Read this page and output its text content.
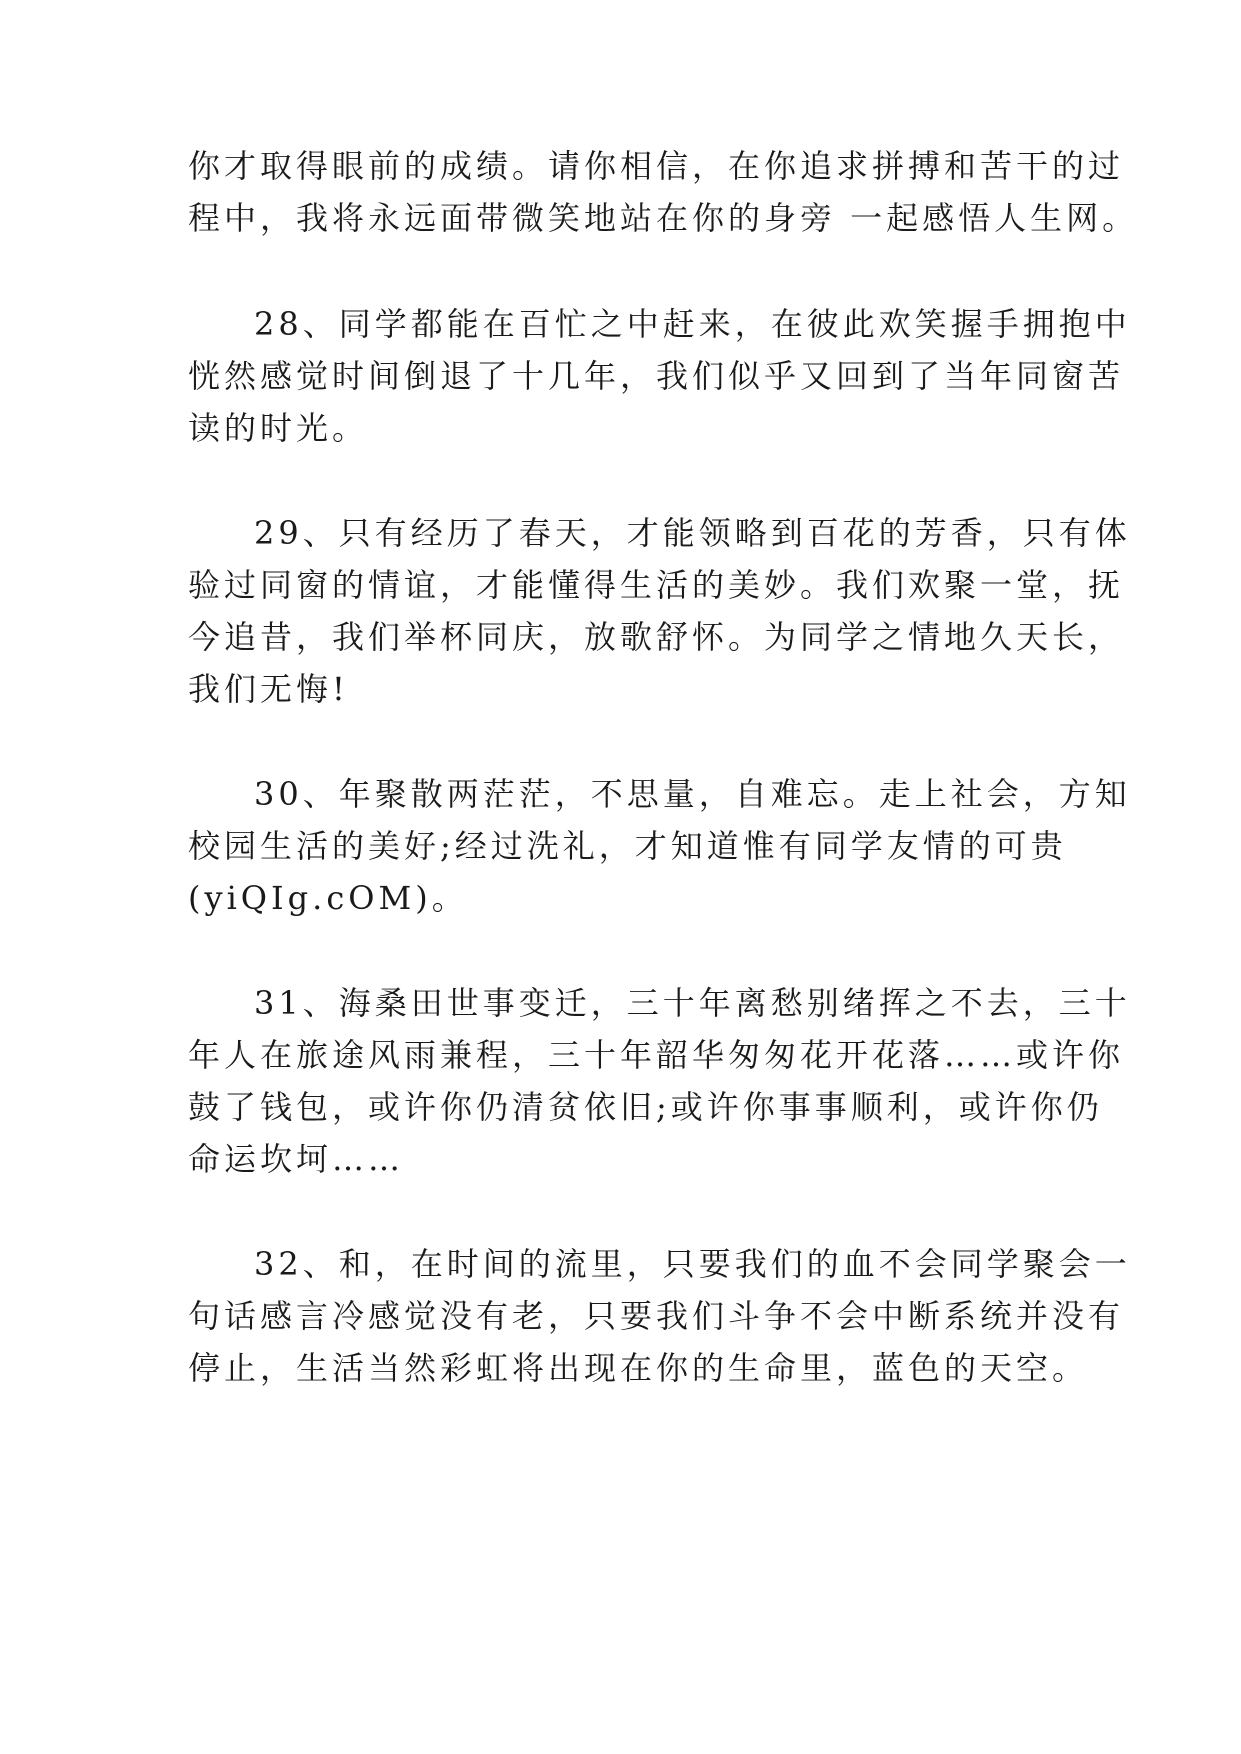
你才取得眼前的成绩。请你相信，在你追求拼搏和苦干的过

程中，我将永远面带微笑地站在你的身旁 一起感悟人生网。

28、同学都能在百忙之中赶来，在彼此欢笑握手拥抱中

恍然感觉时间倒退了十几年，我们似乎又回到了当年同窗苦

读的时光。

29、只有经历了春天，才能领略到百花的芳香，只有体

验过同窗的情谊，才能懂得生活的美妙。我们欢聚一堂，抚

今追昔，我们举杯同庆，放歌舒怀。为同学之情地久天长，

我们无悔!

30、年聚散两茫茫，不思量，自难忘。走上社会，方知

校园生活的美好;经过洗礼，才知道惟有同学友情的可贵

(yiQIg.cOM)。

31、海桑田世事变迁，三十年离愁别绪挥之不去，三十

年人在旅途风雨兼程，三十年韶华匆匆花开花落……或许你

鼓了钱包，或许你仍清贫依旧;或许你事事顺利，或许你仍

命运坎坷……

32、和，在时间的流里，只要我们的血不会同学聚会一

句话感言冷感觉没有老，只要我们斗争不会中断系统并没有

停止，生活当然彩虹将出现在你的生命里，蓝色的天空。
